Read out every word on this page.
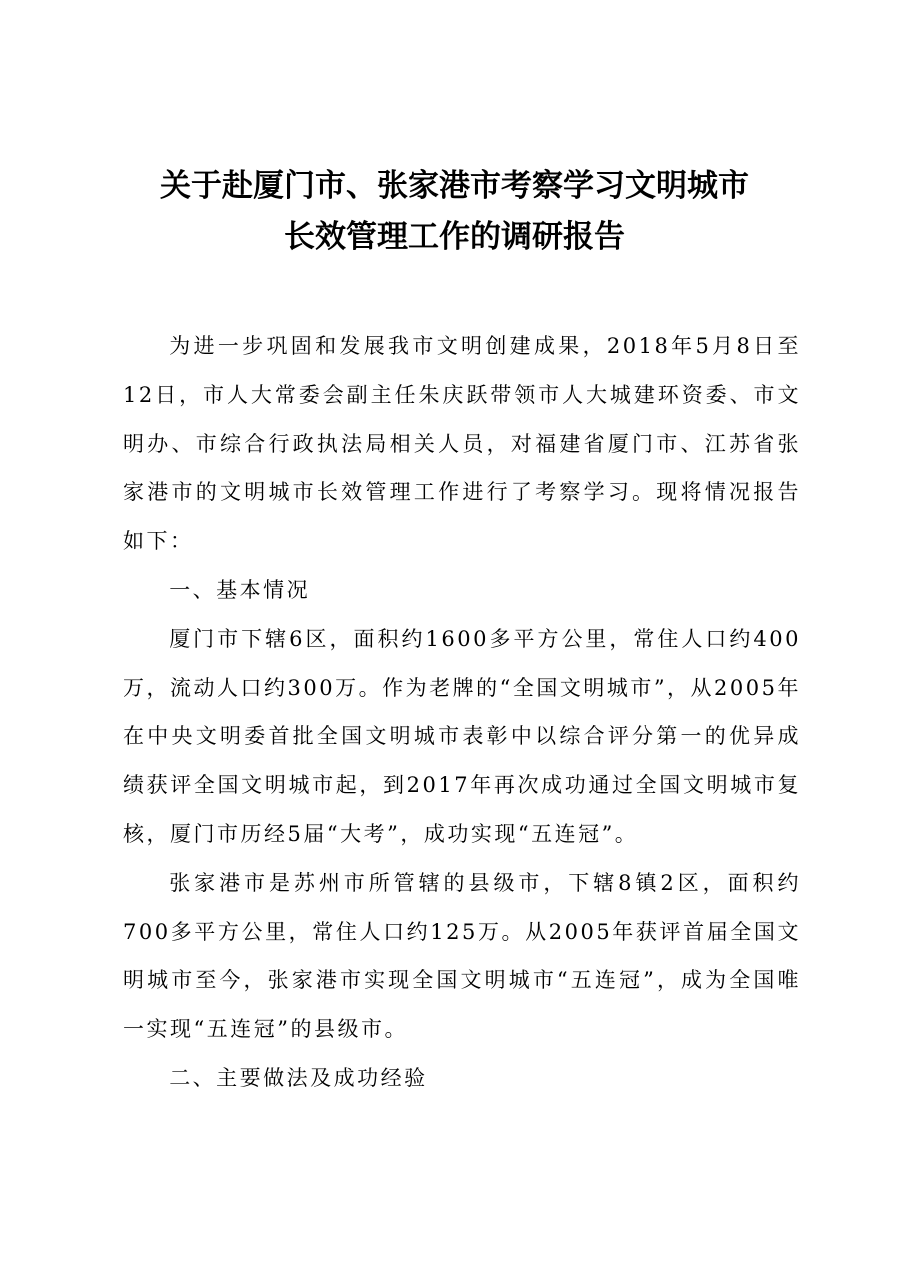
关于赴厦门市、张家港市考察学习文明城市
长效管理工作的调研报告

为进一步巩固和发展我市文明创建成果，2018年5月8日至12日，市人大常委会副主任朱庆跃带领市人大城建环资委、市文明办、市综合行政执法局相关人员，对福建省厦门市、江苏省张家港市的文明城市长效管理工作进行了考察学习。现将情况报告如下：

一、基本情况

厦门市下辖6区，面积约1600多平方公里，常住人口约400万，流动人口约300万。作为老牌的“全国文明城市”，从2005年在中央文明委首批全国文明城市表彰中以综合评分第一的优异成绩获评全国文明城市起，到2017年再次成功通过全国文明城市复核，厦门市历经5届“大考”，成功实现“五连冠”。

张家港市是苏州市所管辖的县级市，下辖8镇2区，面积约700多平方公里，常住人口约125万。从2005年获评首届全国文明城市至今，张家港市实现全国文明城市“五连冠”，成为全国唯一实现“五连冠”的县级市。

二、主要做法及成功经验
